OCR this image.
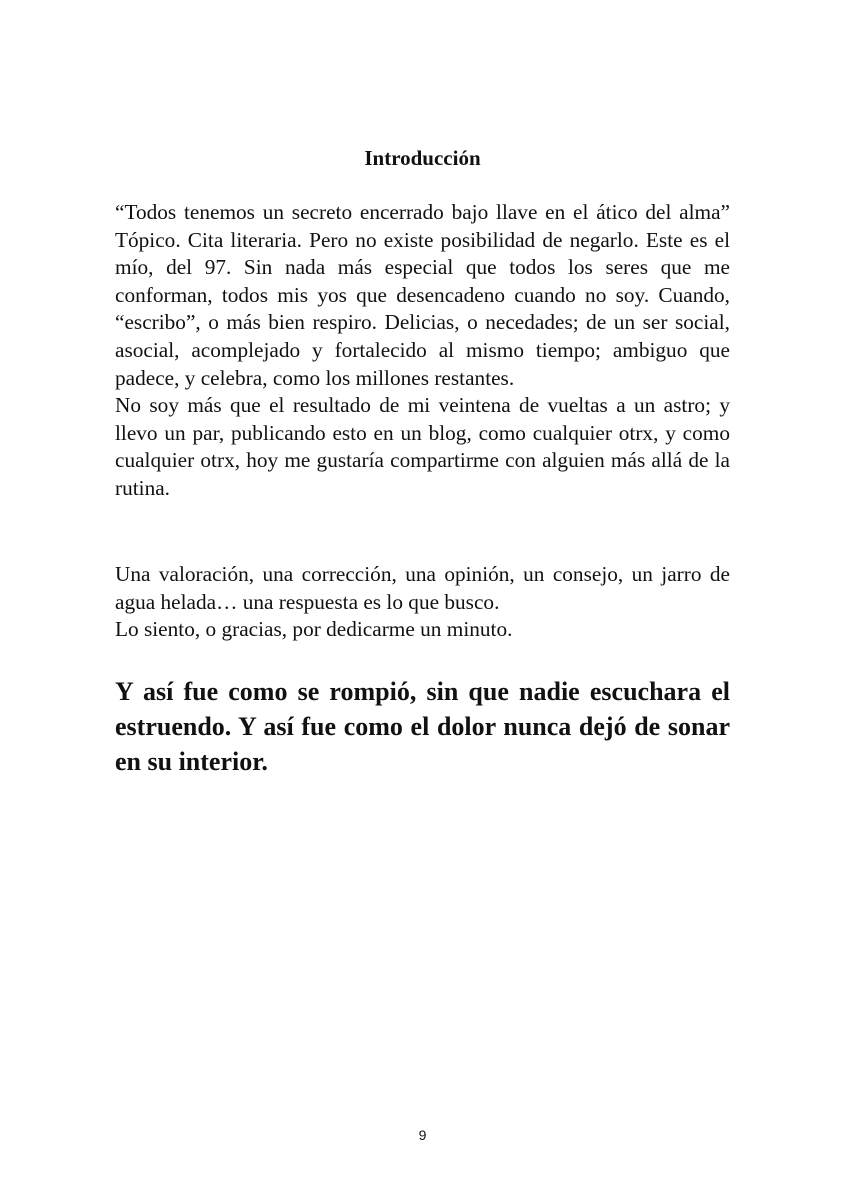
Introducción

“Todos tenemos un secreto encerrado bajo llave en el ático del alma” Tópico. Cita literaria. Pero no existe posibilidad de negarlo. Este es el mío, del 97. Sin nada más especial que todos los seres que me conforman, todos mis yos que desencadeno cuando no soy. Cuando, “escribo”, o más bien respiro. Delicias, o necedades; de un ser social, asocial, acomplejado y fortalecido al mismo tiempo; ambiguo que padece, y celebra, como los millones restantes.

No soy más que el resultado de mi veintena de vueltas a un astro; y llevo un par, publicando esto en un blog, como cualquier otrx, y como cualquier otrx, hoy me gustaría compartirme con alguien más allá de la rutina.

Una valoración, una corrección, una opinión, un consejo, un jarro de agua helada… una respuesta es lo que busco.

Lo siento, o gracias, por dedicarme un minuto.

Y así fue como se rompió, sin que nadie escuchara el estruendo. Y así fue como el dolor nunca dejó de sonar en su interior.
9
